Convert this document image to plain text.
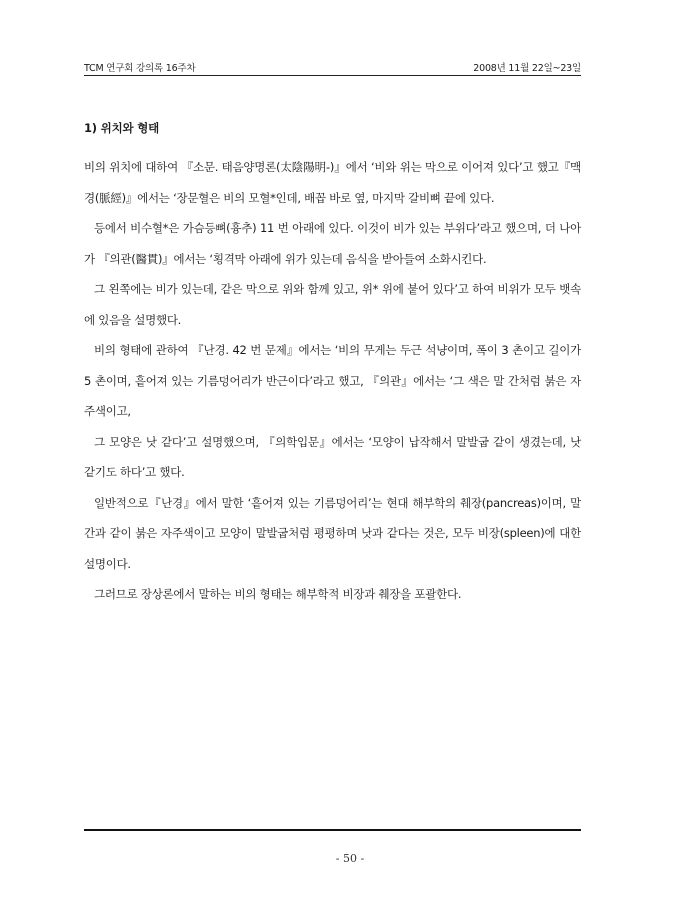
TCM 연구회 강의록 16주차	2008년 11월 22일~23일
1) 위치와 형태

비의 위치에 대하여 『소문. 태음양명론(太陰陽明-)』에서 ‘비와 위는 막으로 이어져 있다’고 했고『맥경(脈經)』에서는 ‘장문혈은 비의 모혈*인데, 배꼽 바로 옆, 마지막 갈비뼈 끝에 있다.

등에서 비수혈*은 가슴등뼈(흉추) 11 번 아래에 있다. 이것이 비가 있는 부위다’라고 했으며, 더 나아가 『의관(醫貫)』에서는 ‘횡격막 아래에 위가 있는데 음식을 받아들여 소화시킨다.

그 왼쪽에는 비가 있는데, 같은 막으로 위와 함께 있고, 위* 위에 붙어 있다’고 하여 비위가 모두 뱃속에 있음을 설명했다.

비의 형태에 관하여 『난경. 42 번 문제』에서는 ‘비의 무게는 두근 석냥이며, 폭이 3 촌이고 길이가 5 촌이며, 흩어져 있는 기름덩어리가 반근이다’라고 했고, 『의관』에서는 ‘그 색은 말 간처럼 붉은 자주색이고,

그 모양은 낫 같다’고 설명했으며, 『의학입문』에서는 ‘모양이 납작해서 말발굽 같이 생겼는데, 낫 같기도 하다’고 했다.

일반적으로『난경』에서 말한 ‘흩어져 있는 기름덩어리’는 현대 해부학의 췌장(pancreas)이며, 말 간과 같이 붉은 자주색이고 모양이 말발굽처럼 평평하며 낫과 같다는 것은, 모두 비장(spleen)에 대한 설명이다.

그러므로 장상론에서 말하는 비의 형태는 해부학적 비장과 췌장을 포괄한다.

- 50 -
